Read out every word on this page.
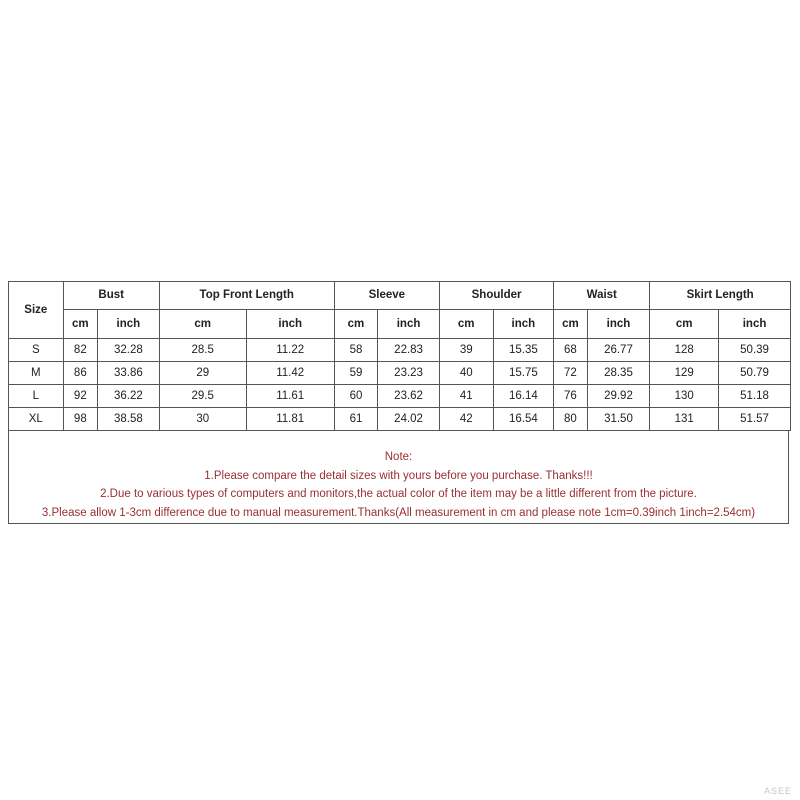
Size	Bust		Top Front Length		Sleeve		Shoulder		Waist		Skirt Length	
	cm	inch	cm	inch	cm	inch	cm	inch	cm	inch	cm	inch
S	82	32.28	28.5	11.22	58	22.83	39	15.35	68	26.77	128	50.39
M	86	33.86	29	11.42	59	23.23	40	15.75	72	28.35	129	50.79
L	92	36.22	29.5	11.61	60	23.62	41	16.14	76	29.92	130	51.18
XL	98	38.58	30	11.81	61	24.02	42	16.54	80	31.50	131	51.57
Note:
1.Please compare the detail sizes with yours before you purchase. Thanks!!!
2.Due to various types of computers and monitors,the actual color of the item may be a little different from the picture.
3.Please allow 1-3cm difference due to manual measurement.Thanks(All measurement in cm and please note 1cm=0.39inch 1inch=2.54cm)
ASEE
